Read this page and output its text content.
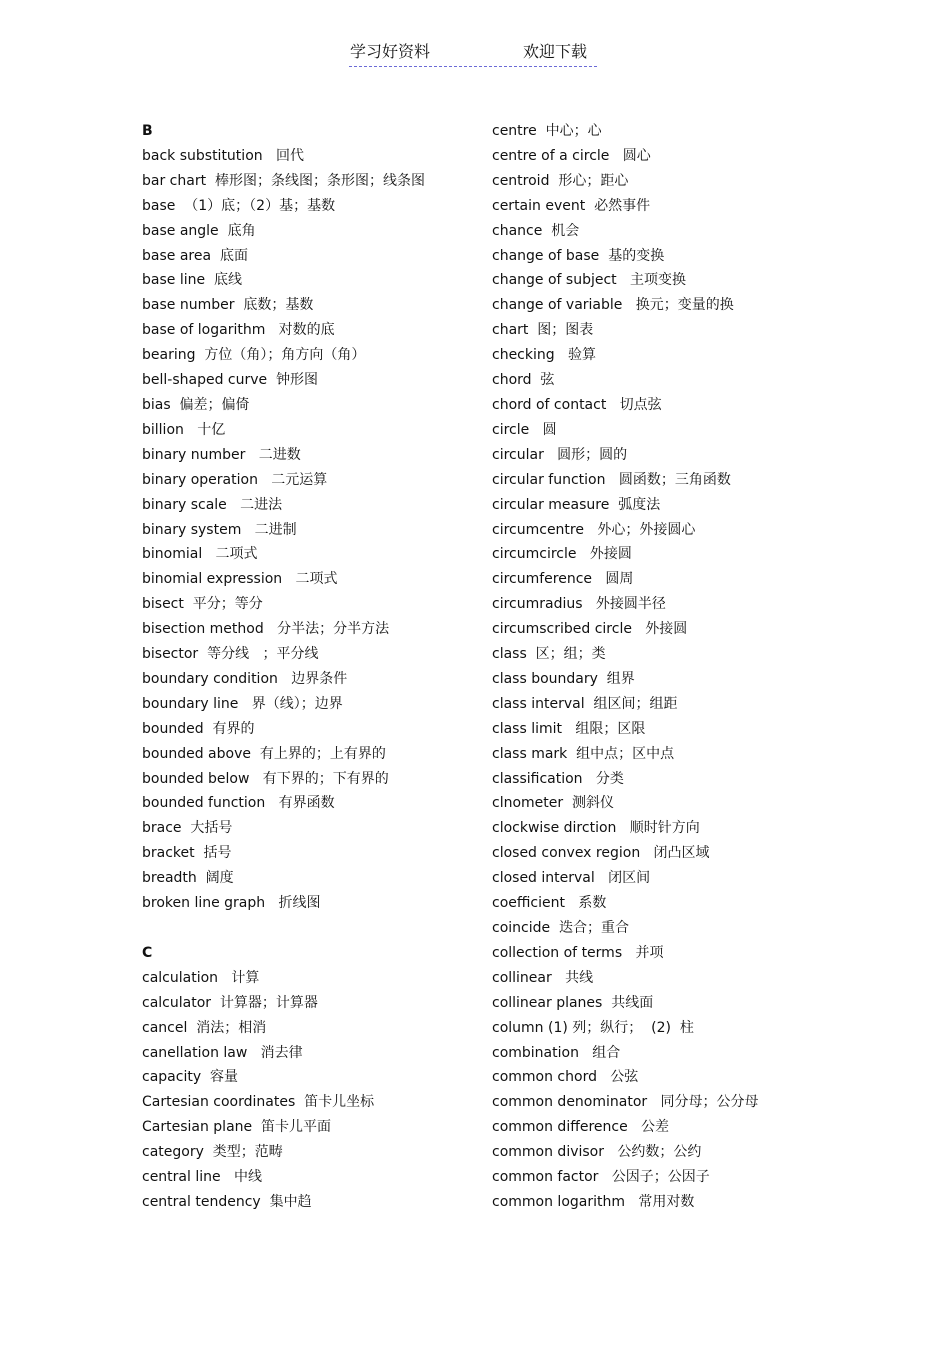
学习好资料	欢迎下载
B
back substitution   回代
bar chart  棒形图；条线图；条形图；线条图
base  （1）底；（2）基；基数
base angle  底角
base area  底面
base line  底线
base number  底数；基数
base of logarithm   对数的底
bearing  方位（角）；角方向（角）
bell-shaped curve  钟形图
bias  偏差；偏倚
billion   十亿
binary number   二进数
binary operation   二元运算
binary scale   二进法
binary system   二进制
binomial   二项式
binomial expression   二项式
bisect  平分；等分
bisection method   分半法；分半方法
bisector  等分线   ；平分线
boundary condition   边界条件
boundary line   界（线）；边界
bounded  有界的
bounded above  有上界的；上有界的
bounded below   有下界的；下有界的
bounded function   有界函数
brace  大括号
bracket  括号
breadth  阔度
broken line graph   折线图
C
calculation   计算
calculator  计算器；计算器
cancel  消法；相消
canellation law   消去律
capacity  容量
Cartesian coordinates  笛卡儿坐标
Cartesian plane  笛卡儿平面
category  类型；范畴
central line   中线
central tendency  集中趋
centre  中心；心
centre of a circle   圆心
centroid  形心；距心
certain event  必然事件
chance  机会
change of base  基的变换
change of subject   主项变换
change of variable   换元；变量的换
chart  图；图表
checking   验算
chord  弦
chord of contact   切点弦
circle   圆
circular   圆形；圆的
circular function   圆函数；三角函数
circular measure  弧度法
circumcentre   外心；外接圆心
circumcircle   外接圆
circumference   圆周
circumradius   外接圆半径
circumscribed circle   外接圆
class  区；组；类
class boundary  组界
class interval  组区间；组距
class limit   组限；区限
class mark  组中点；区中点
classification   分类
clnometer  测斜仪
clockwise dirction   顺时针方向
closed convex region   闭凸区域
closed interval   闭区间
coefficient   系数
coincide  迭合；重合
collection of terms   并项
collinear   共线
collinear planes  共线面
column (1) 列；纵行；  (2)  柱
combination   组合
common chord   公弦
common denominator   同分母；公分母
common difference   公差
common divisor   公约数；公约
common factor   公因子；公因子
common logarithm   常用对数
